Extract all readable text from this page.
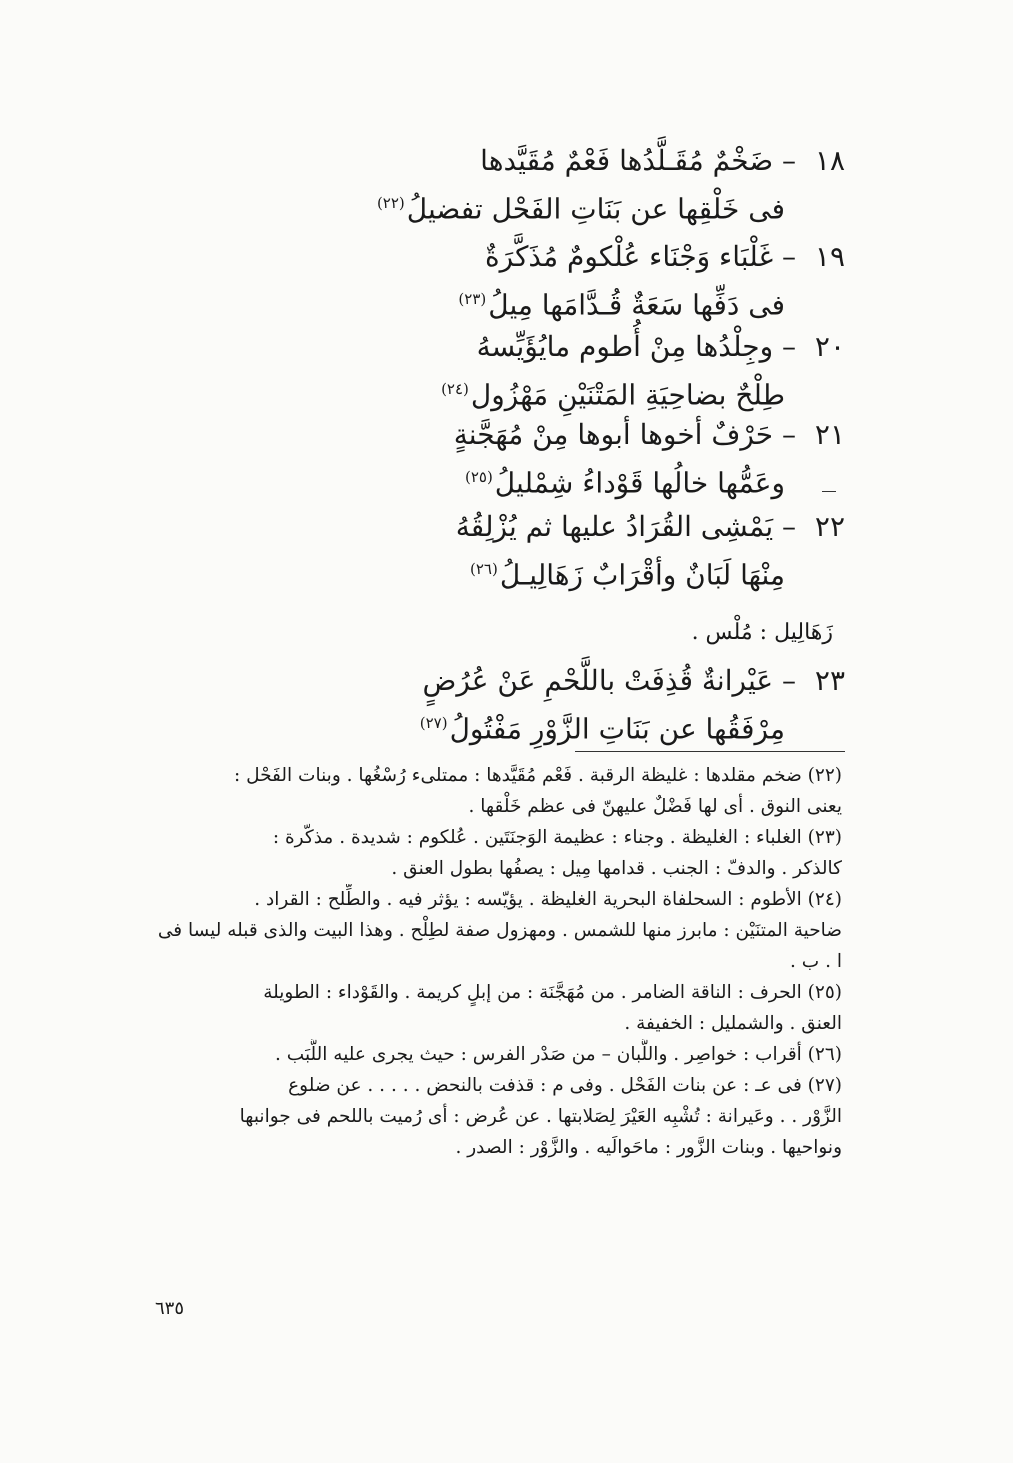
١٨ – ضَخْمٌ مُقَـلَّدُها فَعْمٌ مُقَيَّدها
فى خَلْقِها عن بَنَاتِ الفَحْل تفضيلُ$^{(٢٢)}$
١٩ – غَلْبَاء وَجْنَاء عُلْكومٌ مُذَكَّرَةٌ
فى دَفِّها سَعَةٌ قُـدَّامَها مِيلُ$^{(٢٣)}$
٢٠ – وجِلْدُها مِنْ أُطوم مايُؤَيِّسهُ
طِلْحٌ بضاحِيَةِ المَتْنَيْنِ مَهْزُول$^{(٢٤)}$
٢١ – حَرْفٌ أخوها أبوها مِنْ مُهَجَّنةٍ
وعَمُّها خالُها قَوْداءُ شِمْليلُ$^{(٢٥)}$
٢٢ – يَمْشِى القُرَادُ عليها ثم يُزْلِقُهُ
مِنْهَا لَبَانٌ وأقْرَابٌ زَهَالِيـلُ$^{(٢٦)}$
زَهَالِيل : مُلْس .
٢٣ – عَيْرانةٌ قُذِفَتْ باللَّحْمِ عَنْ عُرُضٍ
مِرْفَقُها عن بَنَاتِ الزَّوْرِ مَفْتُولُ$^{(٢٧)}$
(٢٢) ضخم مقلدها : غليظة الرقبة . فَعْم مُقَيَّدها : ممتلىء رُسْغُها . وبنات الفَحْل :
يعنى النوق . أى لها فَضْلٌ عليهنّ فى عظم خَلْقها .
(٢٣) الغلباء : الغليظة . وجناء : عظيمة الوَجنَتَين . عُلكوم : شديدة . مذكّرة :
كالذكر . والدفّ : الجنب . قدامها مِيل : يصفُها بطول العنق .
(٢٤) الأطوم : السحلفاة البحرية الغليظة . يؤيّسه : يؤثر فيه . والطِّلح : القراد .
ضاحية المتنَيْن : مابرز منها للشمس . ومهزول صفة لطِلْح . وهذا البيت والذى قبله ليسا فى
ا . ب .
(٢٥) الحرف : الناقة الضامر . من مُهَجَّنَة : من إبلٍ كريمة . والقَوْداء : الطويلة
العنق . والشمليل : الخفيفة .
(٢٦) أقراب : خواصِر . واللَّبان – من صَدْر الفرس : حيث يجرى عليه اللَّبَب .
(٢٧) فى عـ : عن بنات الفَحْل . وفى م : قذفت بالنحض . . . . . عن ضلوع
الزَّوْر . . وعَيرانة : تُشْبِه العَيْرَ لِصَلابتها . عن عُرض : أى رُميت باللحم فى جوانبها
ونواحيها . وبنات الزَّور : ماحَوالَيه . والزَّوْر : الصدر .
٦٣٥
